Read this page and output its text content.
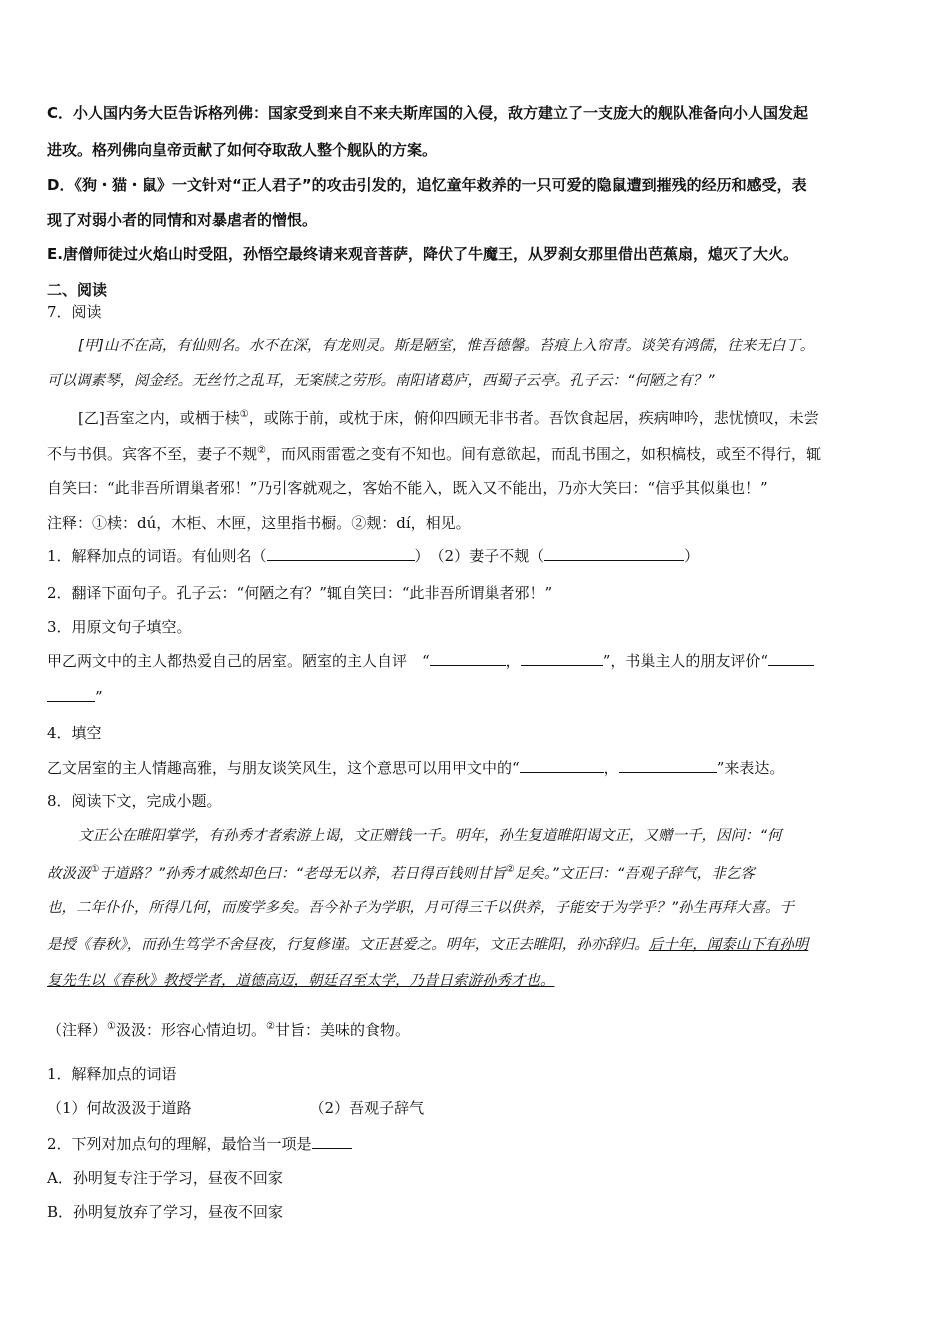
C．小人国内务大臣告诉格列佛：国家受到来自不来夫斯库国的入侵，敌方建立了一支庞大的舰队准备向小人国发起
进攻。格列佛向皇帝贡献了如何夺取敌人整个舰队的方案。
D．《狗・猫・鼠》一文针对“正人君子”的攻击引发的，追忆童年救养的一只可爱的隐鼠遭到摧残的经历和感受，表
现了对弱小者的同情和对暴虐者的憎恨。
E.唐僧师徒过火焰山时受阻，孙悟空最终请来观音菩萨，降伏了牛魔王，从罗刹女那里借出芭蕉扇，熄灭了大火。
二、阅读
7．阅读
[甲]山不在高，有仙则名。水不在深，有龙则灵。斯是陋室，惟吾德馨。苔痕上入帘青。谈笑有鸿儒，往来无白丁。
可以调素琴，阅金经。无丝竹之乱耳，无案牍之劳形。南阳诸葛庐，西蜀子云亭。孔子云：“何陋之有？”
[乙]吾室之内，或栖于椟①，或陈于前，或枕于床，俯仰四顾无非书者。吾饮食起居，疾病呻吟，悲忧愤叹，未尝
不与书俱。宾客不至，妻子不觌②，而风雨雷雹之变有不知也。间有意欲起，而乱书围之，如积槁枝，或至不得行，辄
自笑曰：“此非吾所谓巢者邪！”乃引客就观之，客始不能入，既入又不能出，乃亦大笑曰：“信乎其似巢也！”
注释：①椟：dú，木柜、木匣，这里指书橱。②觌：dí，相见。
1．解释加点的词语。有仙则名（	）　（2）妻子不觌（	）
2．翻译下面句子。孔子云：“何陋之有？”辄自笑曰：“此非吾所谓巢者邪！”
3．用原文句子填空。
甲乙两文中的主人都热爱自己的居室。陋室的主人自评　“	，	”，书巢主人的朋友评价“
”
4．填空
乙文居室的主人情趣高雅，与朋友谈笑风生，这个意思可以用甲文中的“	，	”来表达。
8．阅读下文，完成小题。
文正公在睢阳掌学，有孙秀才者索游上谒，文正赠钱一千。明年，孙生复道睢阳谒文正，又赠一千，因问：“何
故汲汲①于道路？”孙秀才戚然却色曰：“老母无以养，若日得百钱则甘旨②足矣。”文正曰：“吾观子辞气，非乞客
也，二年仆仆，所得几何，而废学多矣。吾今补子为学职，月可得三千以供养，子能安于为学乎？”孙生再拜大喜。于
是授《春秋》，而孙生笃学不舍昼夜，行复修谨。文正甚爱之。明年，文正去睢阳，孙亦辞归。后十年，闻泰山下有孙明
复先生以《春秋》教授学者，道德高迈，朝廷召至太学，乃昔日索游孙秀才也。
（注释）①汲汲：形容心情迫切。②甘旨：美味的食物。
1．解释加点的词语
（1）何故汲汲于道路	（2）吾观子辞气
2．下列对加点句的理解，最恰当一项是
A．孙明复专注于学习，昼夜不回家
B．孙明复放弃了学习，昼夜不回家
